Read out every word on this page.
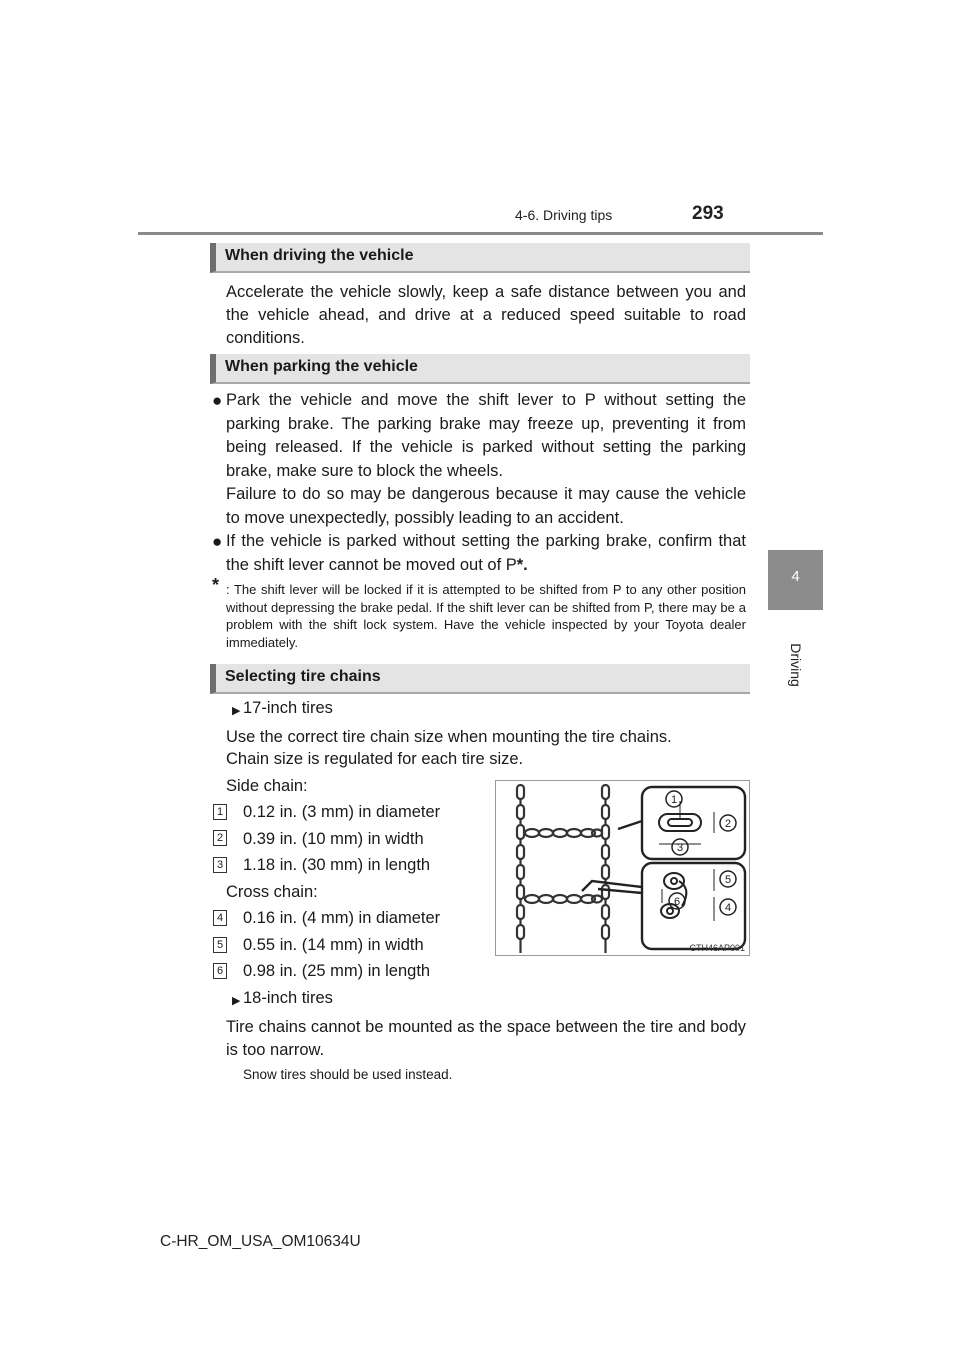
4-6. Driving tips	293
4
Driving
When driving the vehicle
Accelerate the vehicle slowly, keep a safe distance between you and the vehicle ahead, and drive at a reduced speed suitable to road conditions.
When parking the vehicle
● Park the vehicle and move the shift lever to P without setting the parking brake. The parking brake may freeze up, preventing it from being released. If the vehicle is parked without setting the parking brake, make sure to block the wheels.
Failure to do so may be dangerous because it may cause the vehicle to move unexpectedly, possibly leading to an accident.
● If the vehicle is parked without setting the parking brake, confirm that the shift lever cannot be moved out of P*.
* : The shift lever will be locked if it is attempted to be shifted from P to any other position without depressing the brake pedal. If the shift lever can be shifted from P, there may be a problem with the shift lock system. Have the vehicle inspected by your Toyota dealer immediately.
Selecting tire chains
▶ 17-inch tires
Use the correct tire chain size when mounting the tire chains.
Chain size is regulated for each tire size.
Side chain:
1 0.12 in. (3 mm) in diameter
2 0.39 in. (10 mm) in width
3 1.18 in. (30 mm) in length
Cross chain:
4 0.16 in. (4 mm) in diameter
5 0.55 in. (14 mm) in width
6 0.98 in. (25 mm) in length
1
2
3
4
5
6
CTH46AP001
▶ 18-inch tires
Tire chains cannot be mounted as the space between the tire and body is too narrow.
Snow tires should be used instead.
C-HR_OM_USA_OM10634U
